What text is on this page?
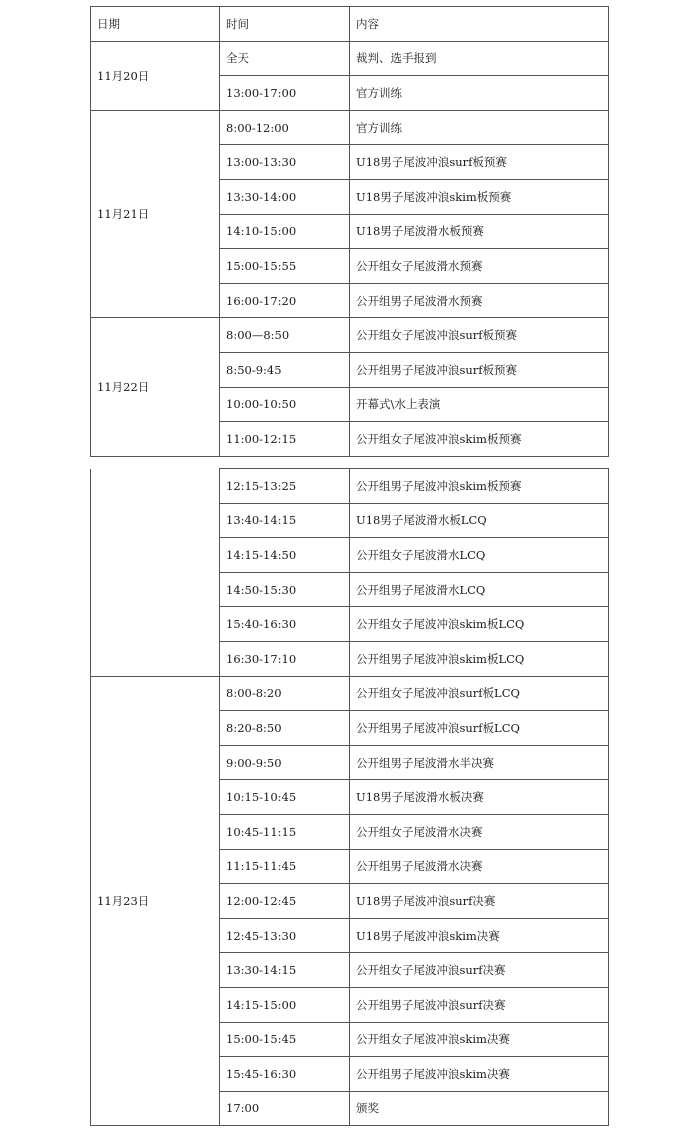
日期	时间	内容
11月20日	全天	裁判、选手报到
	13:00-17:00	官方训练
11月21日	8:00-12:00	官方训练
	13:00-13:30	U18男子尾波冲浪surf板预赛
	13:30-14:00	U18男子尾波冲浪skim板预赛
	14:10-15:00	U18男子尾波滑水板预赛
	15:00-15:55	公开组女子尾波滑水预赛
	16:00-17:20	公开组男子尾波滑水预赛
11月22日	8:00—8:50	公开组女子尾波冲浪surf板预赛
	8:50-9:45	公开组男子尾波冲浪surf板预赛
	10:00-10:50	开幕式\水上表演
	11:00-12:15	公开组女子尾波冲浪skim板预赛
	12:15-13:25	公开组男子尾波冲浪skim板预赛
	13:40-14:15	U18男子尾波滑水板LCQ
	14:15-14:50	公开组女子尾波滑水LCQ
	14:50-15:30	公开组男子尾波滑水LCQ
	15:40-16:30	公开组女子尾波冲浪skim板LCQ
	16:30-17:10	公开组男子尾波冲浪skim板LCQ
11月23日	8:00-8:20	公开组女子尾波冲浪surf板LCQ
	8:20-8:50	公开组男子尾波冲浪surf板LCQ
	9:00-9:50	公开组男子尾波滑水半决赛
	10:15-10:45	U18男子尾波滑水板决赛
	10:45-11:15	公开组女子尾波滑水决赛
	11:15-11:45	公开组男子尾波滑水决赛
	12:00-12:45	U18男子尾波冲浪surf决赛
	12:45-13:30	U18男子尾波冲浪skim决赛
	13:30-14:15	公开组女子尾波冲浪surf决赛
	14:15-15:00	公开组男子尾波冲浪surf决赛
	15:00-15:45	公开组女子尾波冲浪skim决赛
	15:45-16:30	公开组男子尾波冲浪skim决赛
	17:00	颁奖
